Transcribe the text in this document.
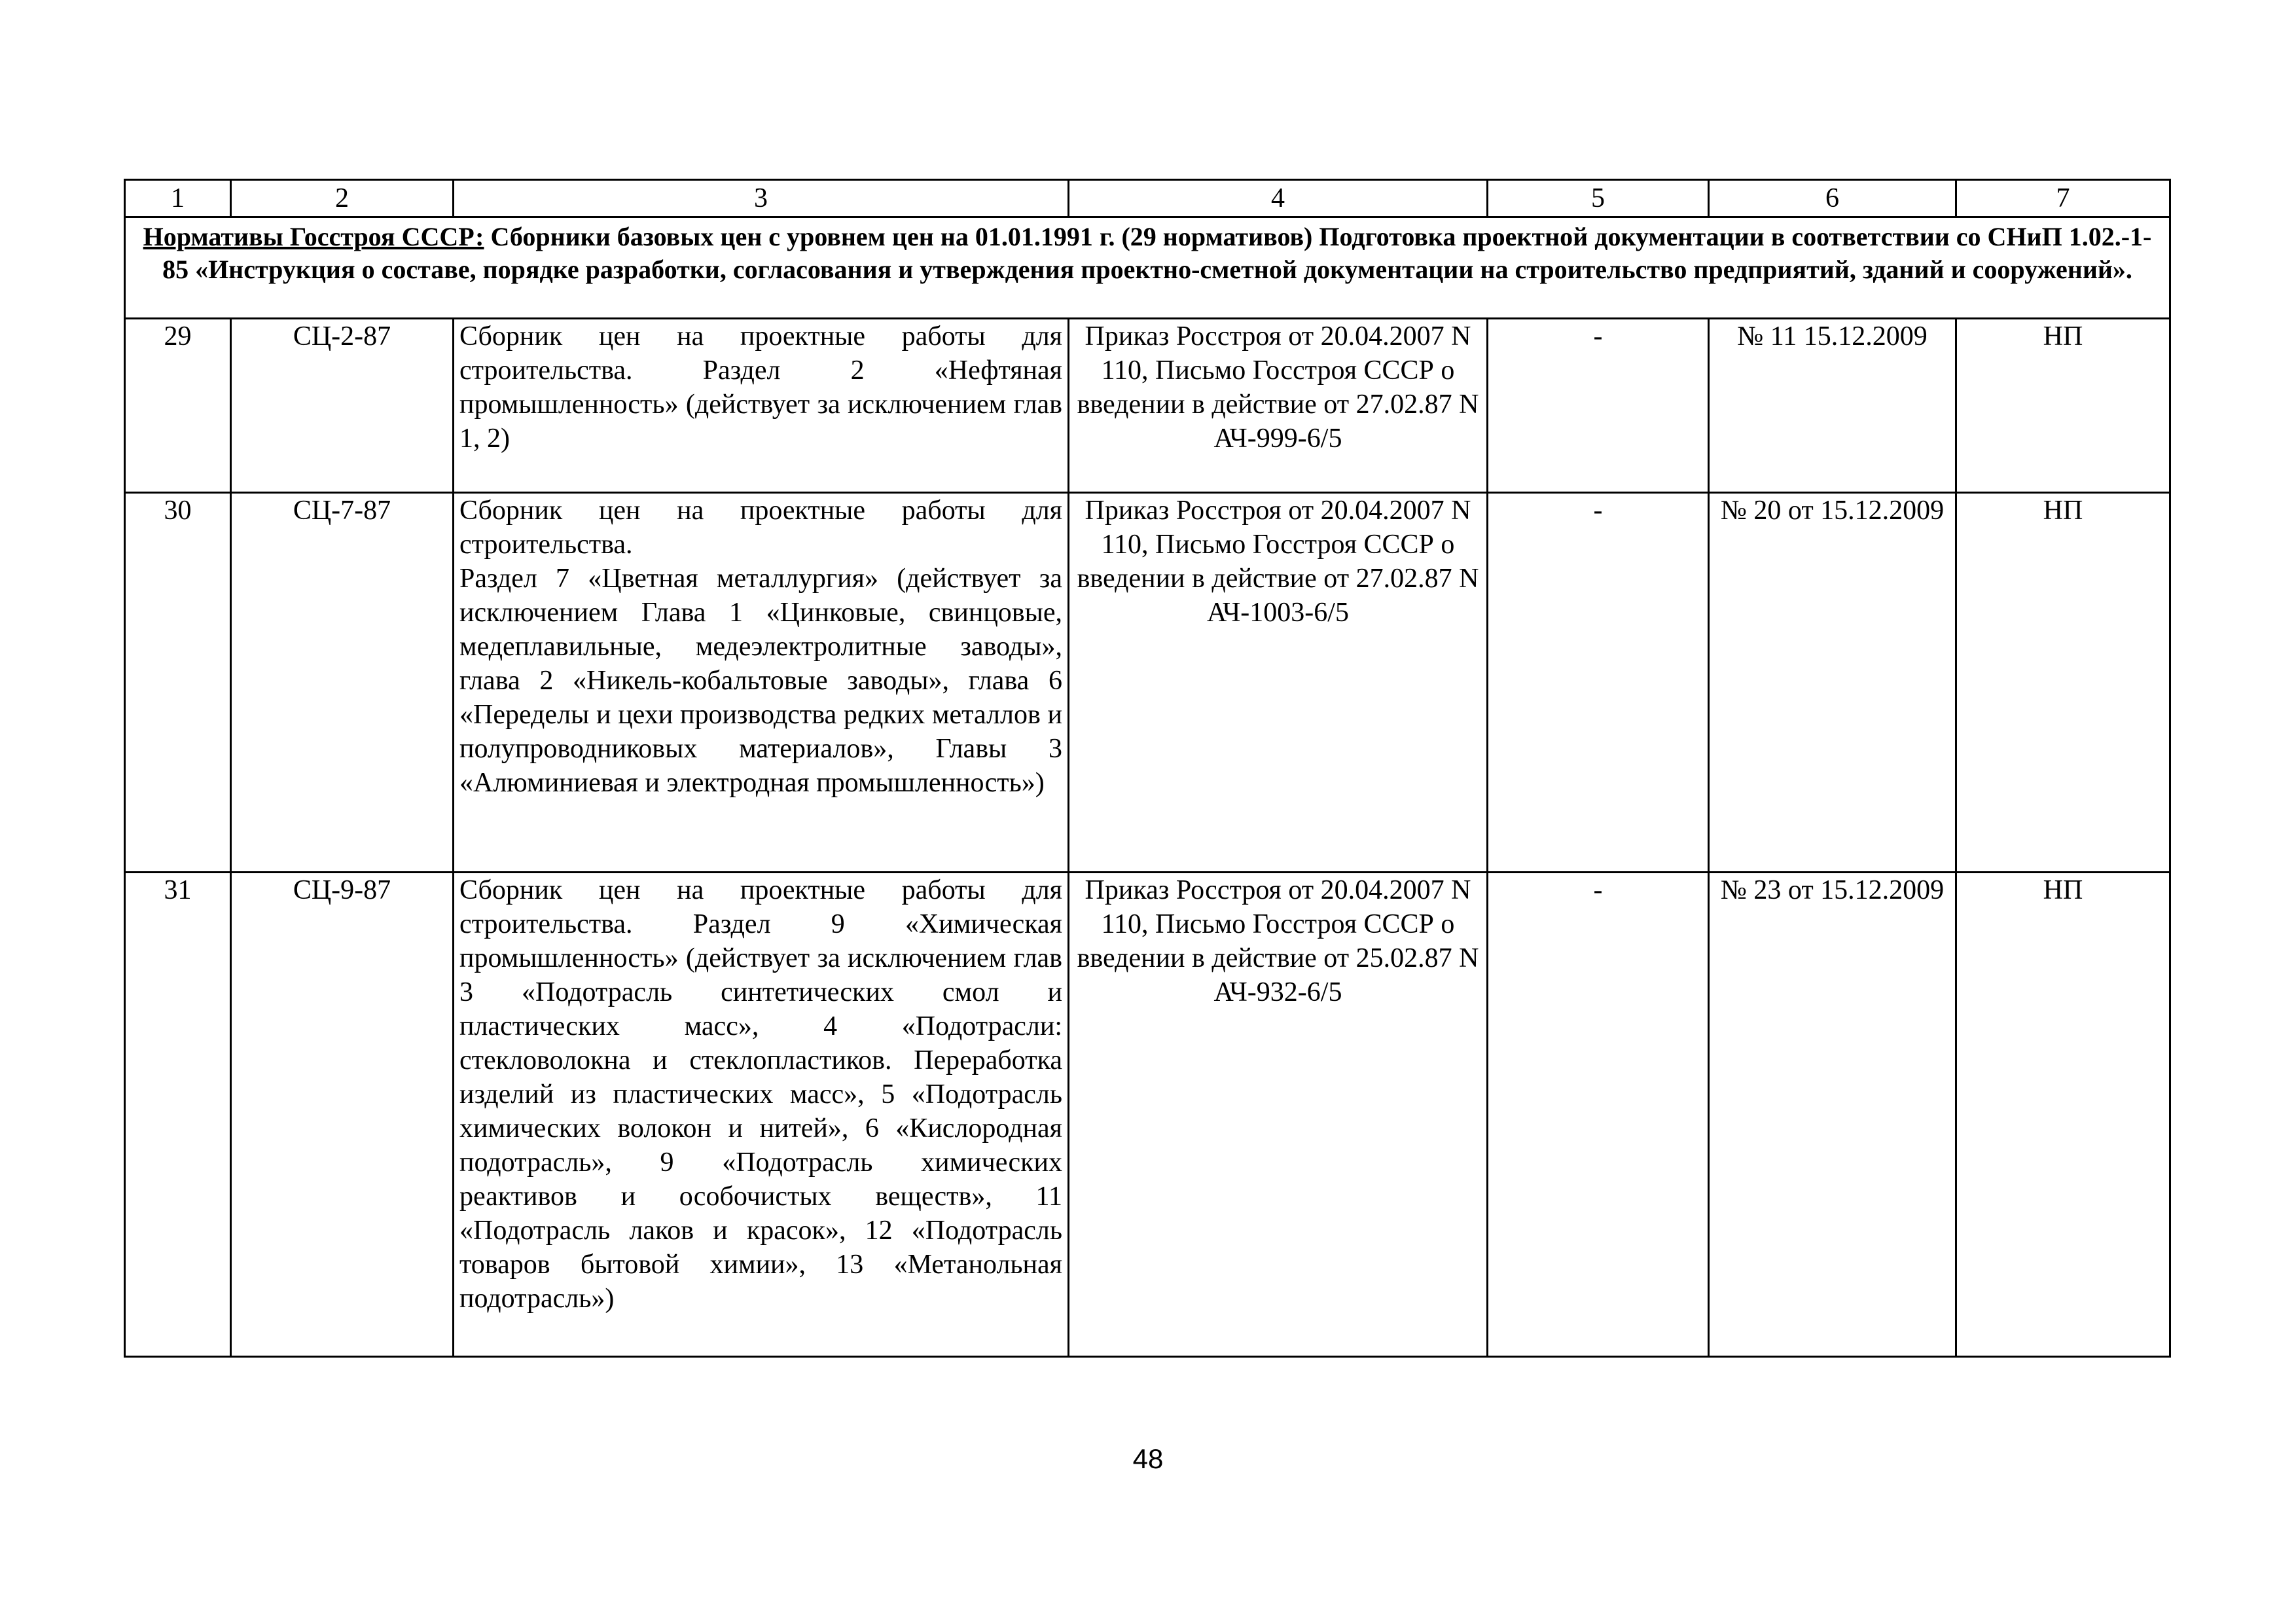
1	2	3	4	5	6	7
Нормативы Госстроя СССР: Сборники базовых цен с уровнем цен на 01.01.1991 г. (29 нормативов) Подготовка проектной документации в соответствии со СНиП 1.02.-1-85 «Инструкция о составе, порядке разработки, согласования и утверждения проектно-сметной документации на строительство предприятий, зданий и сооружений».						
29	СЦ-2-87	Сборник цен на проектные работы для строительства. Раздел 2 «Нефтяная промышленность» (действует за исключением глав 1, 2)	Приказ Росстроя от 20.04.2007 N 110, Письмо Госстроя СССР о введении в действие от 27.02.87 N АЧ-999-6/5	-	№ 11 15.12.2009	НП
30	СЦ-7-87	Сборник цен на проектные работы для строительства.
Раздел 7 «Цветная металлургия» (действует за исключением Глава 1 «Цинковые, свинцовые, медеплавильные, медеэлектролитные заводы», глава 2 «Никель-кобальтовые заводы», глава 6 «Переделы и цехи производства редких металлов и полупроводниковых материалов», Главы 3 «Алюминиевая и электродная промышленность»)	Приказ Росстроя от 20.04.2007 N 110, Письмо Госстроя СССР о введении в действие от 27.02.87 N АЧ-1003-6/5	-	№ 20 от 15.12.2009	НП
31	СЦ-9-87	Сборник цен на проектные работы для строительства. Раздел 9 «Химическая промышленность» (действует за исключением глав 3 «Подотрасль синтетических смол и пластических масс», 4 «Подотрасли: стекловолокна и стеклопластиков. Переработка изделий из пластических масс», 5 «Подотрасль химических волокон и нитей», 6 «Кислородная подотрасль», 9 «Подотрасль химических реактивов и особочистых веществ», 11 «Подотрасль лаков и красок», 12 «Подотрасль товаров бытовой химии», 13 «Метанольная подотрасль»)	Приказ Росстроя от 20.04.2007 N 110, Письмо Госстроя СССР о введении в действие от 25.02.87 N АЧ-932-6/5	-	№ 23 от 15.12.2009	НП
48
